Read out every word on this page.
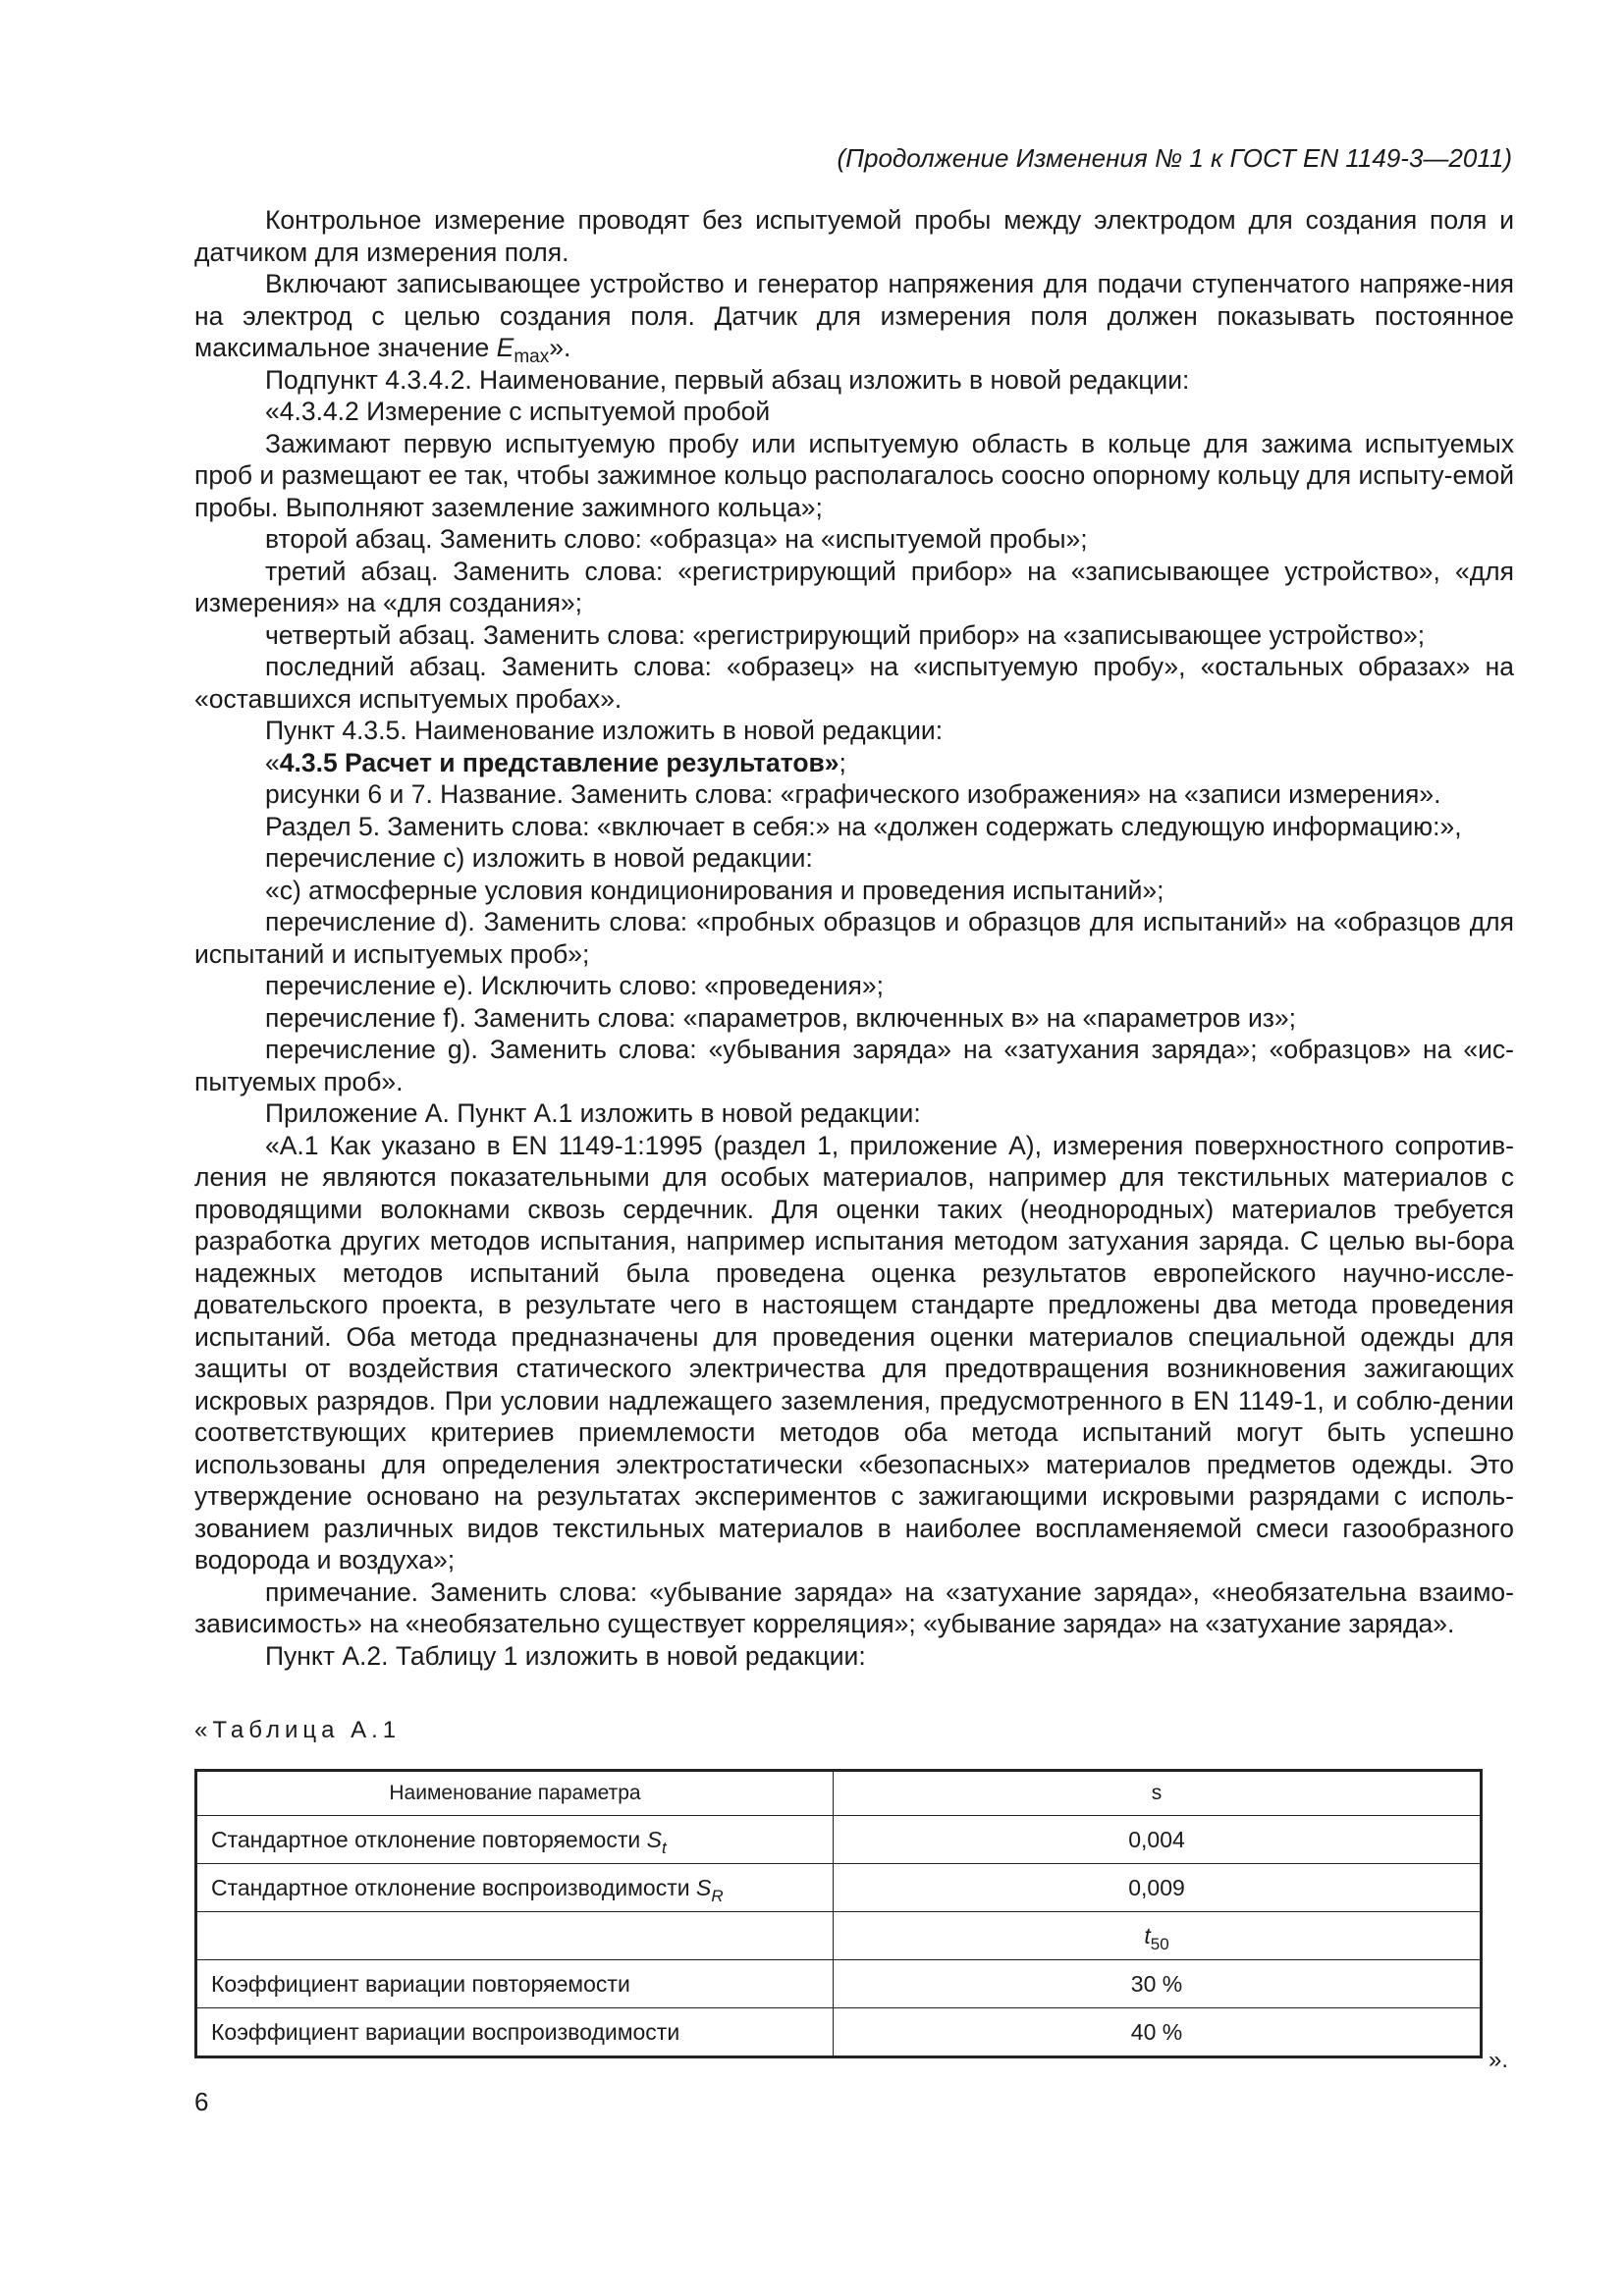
(Продолжение Изменения № 1 к ГОСТ EN 1149-3—2011)

Контрольное измерение проводят без испытуемой пробы между электродом для создания поля и датчиком для измерения поля.

Включают записывающее устройство и генератор напряжения для подачи ступенчатого напряже-ния на электрод с целью создания поля. Датчик для измерения поля должен показывать постоянное максимальное значение $E_{max}$».

Подпункт 4.3.4.2. Наименование, первый абзац изложить в новой редакции:

«4.3.4.2 Измерение с испытуемой пробой

Зажимают первую испытуемую пробу или испытуемую область в кольце для зажима испытуемых проб и размещают ее так, чтобы зажимное кольцо располагалось соосно опорному кольцу для испыту-емой пробы. Выполняют заземление зажимного кольца»;

второй абзац. Заменить слово: «образца» на «испытуемой пробы»;

третий абзац. Заменить слова: «регистрирующий прибор» на «записывающее устройство», «для измерения» на «для создания»;

четвертый абзац. Заменить слова: «регистрирующий прибор» на «записывающее устройство»;

последний абзац. Заменить слова: «образец» на «испытуемую пробу», «остальных образах» на «оставшихся испытуемых пробах».

Пункт 4.3.5. Наименование изложить в новой редакции:

«4.3.5 Расчет и представление результатов»;

рисунки 6 и 7. Название. Заменить слова: «графического изображения» на «записи измерения».

Раздел 5. Заменить слова: «включает в себя:» на «должен содержать следующую информацию:»,

перечисление с) изложить в новой редакции:

«с) атмосферные условия кондиционирования и проведения испытаний»;

перечисление d). Заменить слова: «пробных образцов и образцов для испытаний» на «образцов для испытаний и испытуемых проб»;

перечисление е). Исключить слово: «проведения»;

перечисление f). Заменить слова: «параметров, включенных в» на «параметров из»;

перечисление g). Заменить слова: «убывания заряда» на «затухания заряда»; «образцов» на «ис-пытуемых проб».

Приложение А. Пункт А.1 изложить в новой редакции:

«А.1 Как указано в EN 1149-1:1995 (раздел 1, приложение А), измерения поверхностного сопротив-ления не являются показательными для особых материалов, например для текстильных материалов с проводящими волокнами сквозь сердечник. Для оценки таких (неоднородных) материалов требуется разработка других методов испытания, например испытания методом затухания заряда. С целью вы-бора надежных методов испытаний была проведена оценка результатов европейского научно-иссле-довательского проекта, в результате чего в настоящем стандарте предложены два метода проведения испытаний. Оба метода предназначены для проведения оценки материалов специальной одежды для защиты от воздействия статического электричества для предотвращения возникновения зажигающих искровых разрядов. При условии надлежащего заземления, предусмотренного в EN 1149-1, и соблю-дении соответствующих критериев приемлемости методов оба метода испытаний могут быть успешно использованы для определения электростатически «безопасных» материалов предметов одежды. Это утверждение основано на результатах экспериментов с зажигающими искровыми разрядами с исполь-зованием различных видов текстильных материалов в наиболее воспламеняемой смеси газообразного водорода и воздуха»;

примечание. Заменить слова: «убывание заряда» на «затухание заряда», «необязательна взаимо-зависимость» на «необязательно существует корреляция»; «убывание заряда» на «затухание заряда».

Пункт А.2. Таблицу 1 изложить в новой редакции:

«Таблица А.1
Наименование параметра	s
Стандартное отклонение повторяемости $S_t$	0,004
Стандартное отклонение воспроизводимости $S_R$	0,009
	$t_{50}$
Коэффициент вариации повторяемости	30 %
Коэффициент вариации воспроизводимости	40 %
».
6
